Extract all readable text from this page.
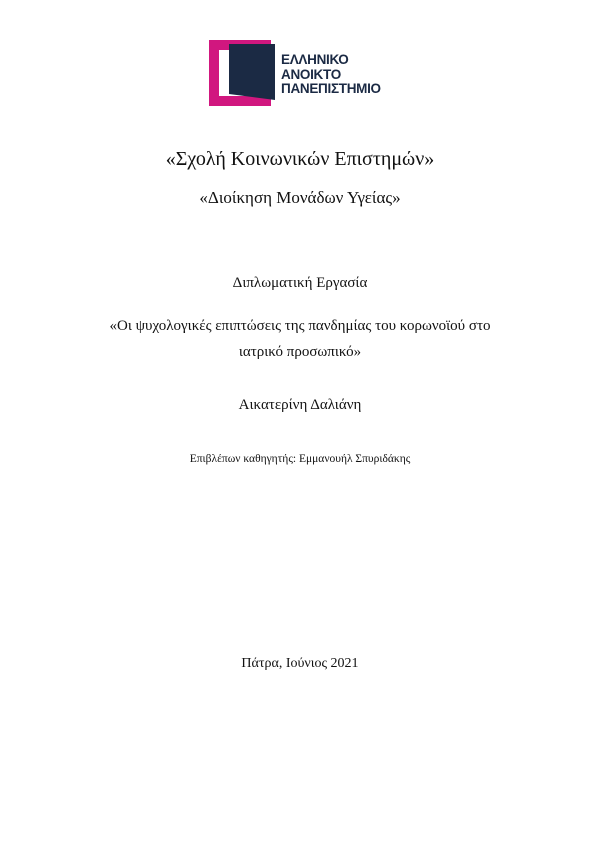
ΕΛΛΗΝΙΚΟ
ΑΝΟΙΚΤΟ
ΠΑΝΕΠΙΣΤΗΜΙΟ
«Σχολή Κοινωνικών Επιστημών»
«Διοίκηση Μονάδων Υγείας»
Διπλωματική Εργασία
«Οι ψυχολογικές επιπτώσεις της πανδημίας του κορωνοϊού στο
ιατρικό προσωπικό»
Αικατερίνη Δαλιάνη
Επιβλέπων καθηγητής: Εμμανουήλ Σπυριδάκης
Πάτρα, Ιούνιος 2021
